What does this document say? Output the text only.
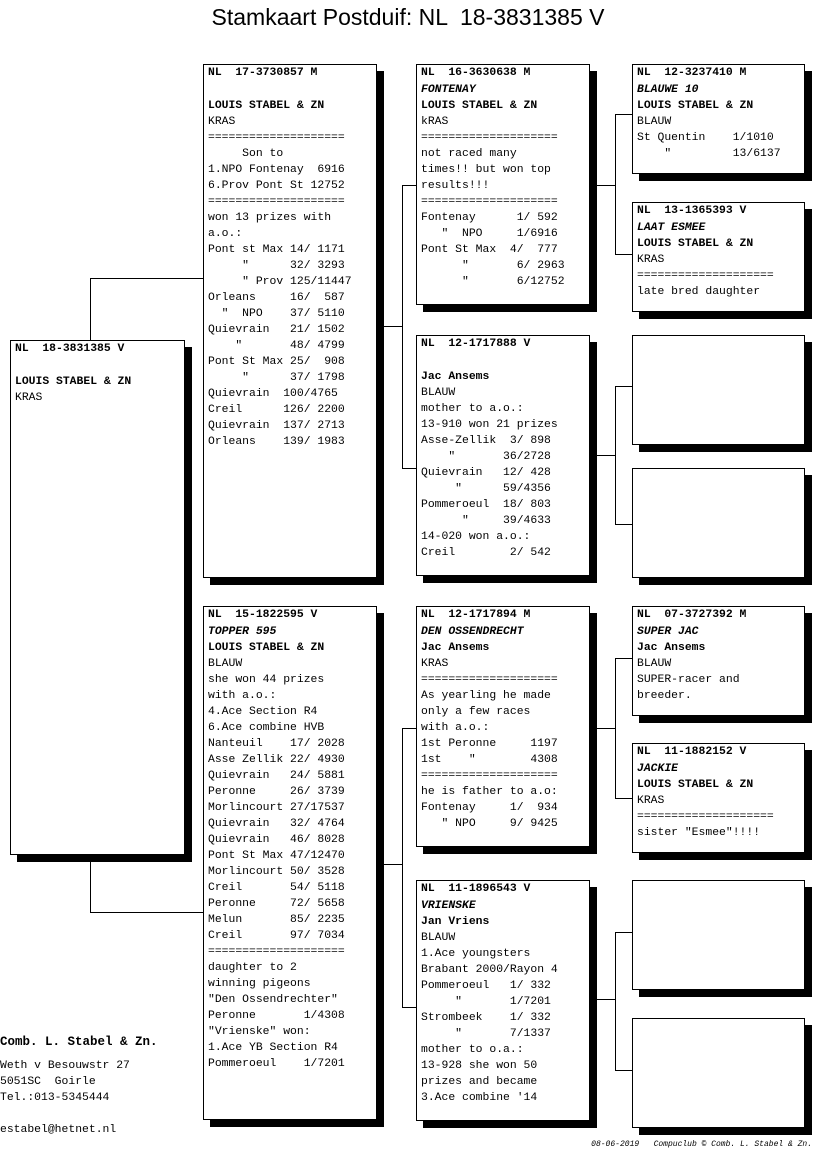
Stamkaart Postduif: NL  18-3831385 V
NL  18-3831385 V
LOUIS STABEL & ZN
KRAS
NL  17-3730857 M
LOUIS STABEL & ZN
KRAS
====================
Son to
1.NPO Fontenay  6916
6.Prov Pont St 12752
====================
won 13 prizes with
a.o.:
Pont st Max 14/ 1171
"      32/ 3293
" Prov 125/11447
Orleans     16/  587
"  NPO    37/ 5110
Quievrain   21/ 1502
"       48/ 4799
Pont St Max 25/  908
"      37/ 1798
Quievrain  100/4765
Creil      126/ 2200
Quievrain  137/ 2713
Orleans    139/ 1983
NL  15-1822595 V
TOPPER 595
LOUIS STABEL & ZN
BLAUW
she won 44 prizes
with a.o.:
4.Ace Section R4
6.Ace combine HVB
Nanteuil    17/ 2028
Asse Zellik 22/ 4930
Quievrain   24/ 5881
Peronne     26/ 3739
Morlincourt 27/17537
Quievrain   32/ 4764
Quievrain   46/ 8028
Pont St Max 47/12470
Morlincourt 50/ 3528
Creil       54/ 5118
Peronne     72/ 5658
Melun       85/ 2235
Creil       97/ 7034
====================
daughter to 2
winning pigeons
"Den Ossendrechter"
Peronne       1/4308
"Vrienske" won:
1.Ace YB Section R4
Pommeroeul    1/7201
NL  16-3630638 M
FONTENAY
LOUIS STABEL & ZN
kRAS
====================
not raced many
times!! but won top
results!!!
====================
Fontenay      1/ 592
"  NPO     1/6916
Pont St Max  4/  777
"       6/ 2963
"       6/12752
NL  12-1717888 V
Jac Ansems
BLAUW
mother to a.o.:
13-910 won 21 prizes
Asse-Zellik  3/ 898
"       36/2728
Quievrain   12/ 428
"      59/4356
Pommeroeul  18/ 803
"     39/4633
14-020 won a.o.:
Creil        2/ 542
NL  12-1717894 M
DEN OSSENDRECHT
Jac Ansems
KRAS
====================
As yearling he made
only a few races
with a.o.:
1st Peronne     1197
1st    "        4308
====================
he is father to a.o:
Fontenay     1/  934
" NPO     9/ 9425
NL  11-1896543 V
VRIENSKE
Jan Vriens
BLAUW
1.Ace youngsters
Brabant 2000/Rayon 4
Pommeroeul   1/ 332
"       1/7201
Strombeek    1/ 332
"       7/1337
mother to o.a.:
13-928 she won 50
prizes and became
3.Ace combine '14
NL  12-3237410 M
BLAUWE 10
LOUIS STABEL & ZN
BLAUW
St Quentin    1/1010
"         13/6137
NL  13-1365393 V
LAAT ESMEE
LOUIS STABEL & ZN
KRAS
====================
late bred daughter
NL  07-3727392 M
SUPER JAC
Jac Ansems
BLAUW
SUPER-racer and
breeder.
NL  11-1882152 V
JACKIE
LOUIS STABEL & ZN
KRAS
====================
sister "Esmee"!!!!
Comb. L. Stabel & Zn.
Weth v Besouwstr 27
5051SC  Goirle
Tel.:013-5345444
estabel@hetnet.nl
08-06-2019   Compuclub © Comb. L. Stabel & Zn.
